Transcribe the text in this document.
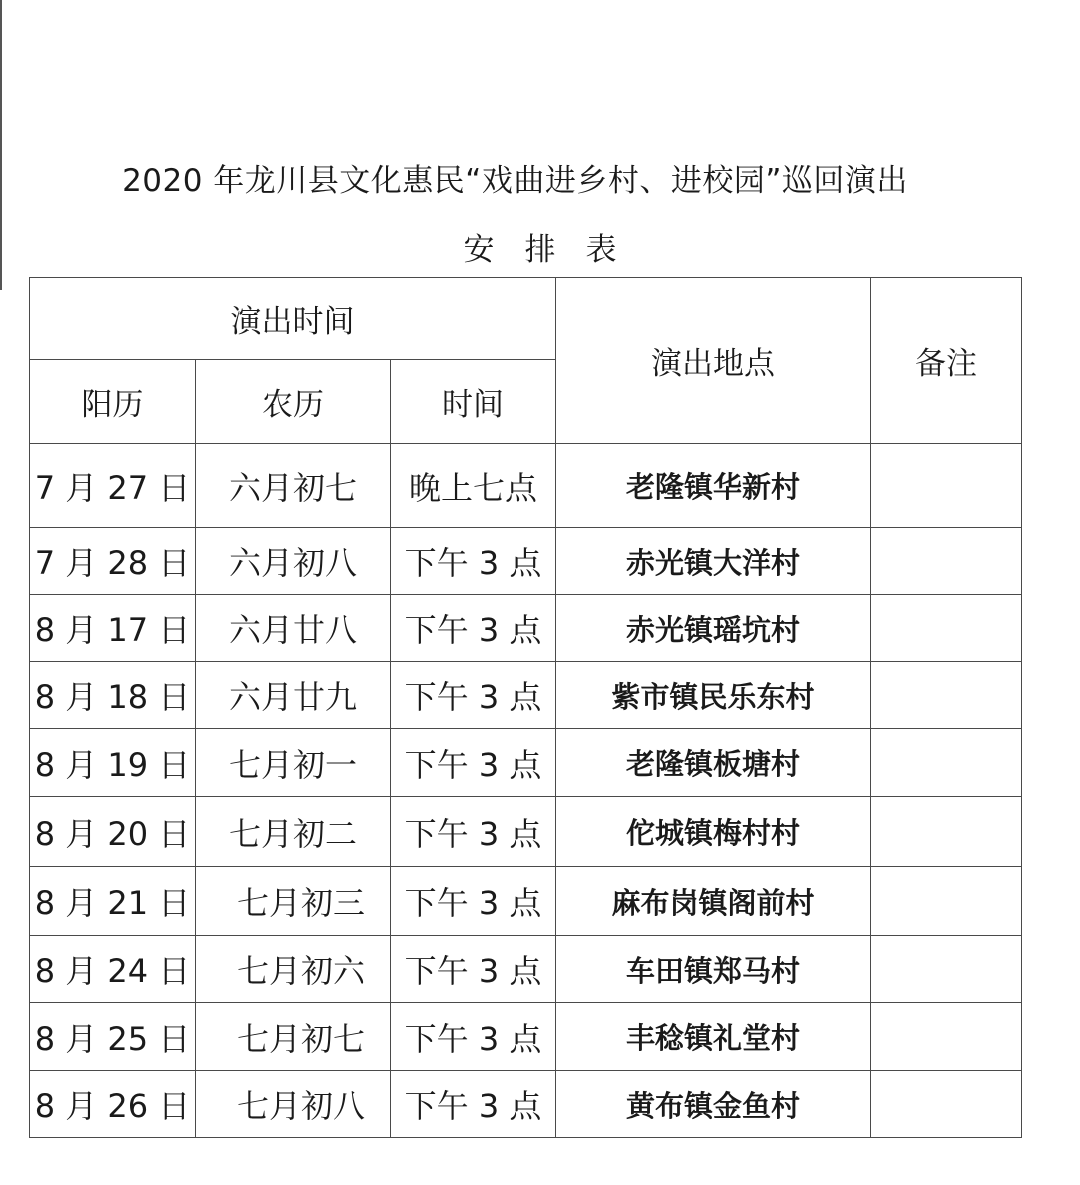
2020 年龙川县文化惠民“戏曲进乡村、进校园”巡回演出
安排表
演出时间			演出地点	备注
阳历	农历	时间		
7 月 27 日	六月初七	晚上七点	老隆镇华新村	
7 月 28 日	六月初八	下午 3 点	赤光镇大洋村	
8 月 17 日	六月廿八	下午 3 点	赤光镇瑶坑村	
8 月 18 日	六月廿九	下午 3 点	紫市镇民乐东村	
8 月 19 日	七月初一	下午 3 点	老隆镇板塘村	
8 月 20 日	七月初二	下午 3 点	佗城镇梅村村	
8 月 21 日	七月初三	下午 3 点	麻布岗镇阁前村	
8 月 24 日	七月初六	下午 3 点	车田镇郑马村	
8 月 25 日	七月初七	下午 3 点	丰稔镇礼堂村	
8 月 26 日	七月初八	下午 3 点	黄布镇金鱼村	
